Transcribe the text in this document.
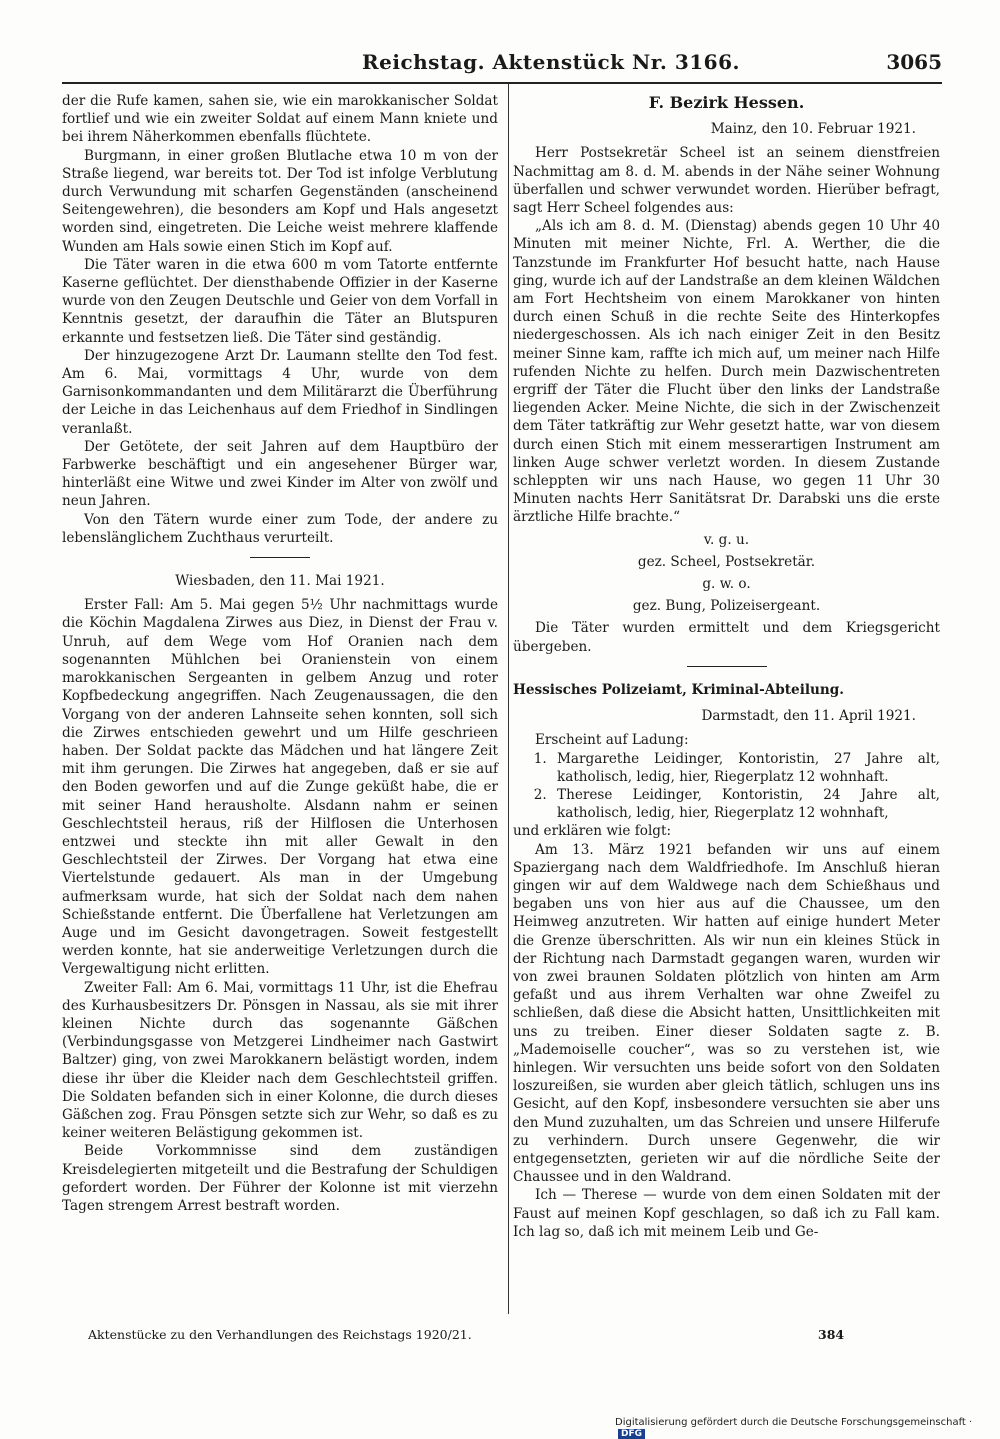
Reichstag. Aktenstück Nr. 3166.	3065

der die Rufe kamen, sahen sie, wie ein marokkanischer Soldat fortlief und wie ein zweiter Soldat auf einem Mann kniete und bei ihrem Näherkommen ebenfalls flüchtete.

Burgmann, in einer großen Blutlache etwa 10 m von der Straße liegend, war bereits tot. Der Tod ist infolge Verblutung durch Verwundung mit scharfen Gegenständen (anscheinend Seitengewehren), die besonders am Kopf und Hals angesetzt worden sind, eingetreten. Die Leiche weist mehrere klaffende Wunden am Hals sowie einen Stich im Kopf auf.

Die Täter waren in die etwa 600 m vom Tatorte entfernte Kaserne geflüchtet. Der diensthabende Offizier in der Kaserne wurde von den Zeugen Deutschle und Geier von dem Vorfall in Kenntnis gesetzt, der daraufhin die Täter an Blutspuren erkannte und festsetzen ließ. Die Täter sind geständig.

Der hinzugezogene Arzt Dr. Laumann stellte den Tod fest. Am 6. Mai, vormittags 4 Uhr, wurde von dem Garnisonkommandanten und dem Militärarzt die Überführung der Leiche in das Leichenhaus auf dem Friedhof in Sindlingen veranlaßt.

Der Getötete, der seit Jahren auf dem Hauptbüro der Farbwerke beschäftigt und ein angesehener Bürger war, hinterläßt eine Witwe und zwei Kinder im Alter von zwölf und neun Jahren.

Von den Tätern wurde einer zum Tode, der andere zu lebenslänglichem Zuchthaus verurteilt.

Wiesbaden, den 11. Mai 1921.

Erster Fall: Am 5. Mai gegen 5½ Uhr nachmittags wurde die Köchin Magdalena Zirwes aus Diez, in Dienst der Frau v. Unruh, auf dem Wege vom Hof Oranien nach dem sogenannten Mühlchen bei Oranienstein von einem marokkanischen Sergeanten in gelbem Anzug und roter Kopfbedeckung angegriffen. Nach Zeugenaussagen, die den Vorgang von der anderen Lahnseite sehen konnten, soll sich die Zirwes entschieden gewehrt und um Hilfe geschrieen haben. Der Soldat packte das Mädchen und hat längere Zeit mit ihm gerungen. Die Zirwes hat angegeben, daß er sie auf den Boden geworfen und auf die Zunge geküßt habe, die er mit seiner Hand herausholte. Alsdann nahm er seinen Geschlechtsteil heraus, riß der Hilflosen die Unterhosen entzwei und steckte ihn mit aller Gewalt in den Geschlechtsteil der Zirwes. Der Vorgang hat etwa eine Viertelstunde gedauert. Als man in der Umgebung aufmerksam wurde, hat sich der Soldat nach dem nahen Schießstande entfernt. Die Überfallene hat Verletzungen am Auge und im Gesicht davongetragen. Soweit festgestellt werden konnte, hat sie anderweitige Verletzungen durch die Vergewaltigung nicht erlitten.

Zweiter Fall: Am 6. Mai, vormittags 11 Uhr, ist die Ehefrau des Kurhausbesitzers Dr. Pönsgen in Nassau, als sie mit ihrer kleinen Nichte durch das sogenannte Gäßchen (Verbindungsgasse von Metzgerei Lindheimer nach Gastwirt Baltzer) ging, von zwei Marokkanern belästigt worden, indem diese ihr über die Kleider nach dem Geschlechtsteil griffen. Die Soldaten befanden sich in einer Kolonne, die durch dieses Gäßchen zog. Frau Pönsgen setzte sich zur Wehr, so daß es zu keiner weiteren Belästigung gekommen ist.

Beide Vorkommnisse sind dem zuständigen Kreisdelegierten mitgeteilt und die Bestrafung der Schuldigen gefordert worden. Der Führer der Kolonne ist mit vierzehn Tagen strengem Arrest bestraft worden.

F. Bezirk Hessen.
Mainz, den 10. Februar 1921.

Herr Postsekretär Scheel ist an seinem dienstfreien Nachmittag am 8. d. M. abends in der Nähe seiner Wohnung überfallen und schwer verwundet worden. Hierüber befragt, sagt Herr Scheel folgendes aus:

„Als ich am 8. d. M. (Dienstag) abends gegen 10 Uhr 40 Minuten mit meiner Nichte, Frl. A. Werther, die die Tanzstunde im Frankfurter Hof besucht hatte, nach Hause ging, wurde ich auf der Landstraße an dem kleinen Wäldchen am Fort Hechtsheim von einem Marokkaner von hinten durch einen Schuß in die rechte Seite des Hinterkopfes niedergeschossen. Als ich nach einiger Zeit in den Besitz meiner Sinne kam, raffte ich mich auf, um meiner nach Hilfe rufenden Nichte zu helfen. Durch mein Dazwischentreten ergriff der Täter die Flucht über den links der Landstraße liegenden Acker. Meine Nichte, die sich in der Zwischenzeit dem Täter tatkräftig zur Wehr gesetzt hatte, war von diesem durch einen Stich mit einem messerartigen Instrument am linken Auge schwer verletzt worden. In diesem Zustande schleppten wir uns nach Hause, wo gegen 11 Uhr 30 Minuten nachts Herr Sanitätsrat Dr. Darabski uns die erste ärztliche Hilfe brachte.“

v. g. u.
gez. Scheel, Postsekretär.
g. w. o.
gez. Bung, Polizeisergeant.

Die Täter wurden ermittelt und dem Kriegsgericht übergeben.

Hessisches Polizeiamt, Kriminal-Abteilung.
Darmstadt, den 11. April 1921.

Erscheint auf Ladung:

1. Margarethe Leidinger, Kontoristin, 27 Jahre alt, katholisch, ledig, hier, Riegerplatz 12 wohnhaft.
2. Therese Leidinger, Kontoristin, 24 Jahre alt, katholisch, ledig, hier, Riegerplatz 12 wohnhaft,

und erklären wie folgt:

Am 13. März 1921 befanden wir uns auf einem Spaziergang nach dem Waldfriedhofe. Im Anschluß hieran gingen wir auf dem Waldwege nach dem Schießhaus und begaben uns von hier aus auf die Chaussee, um den Heimweg anzutreten. Wir hatten auf einige hundert Meter die Grenze überschritten. Als wir nun ein kleines Stück in der Richtung nach Darmstadt gegangen waren, wurden wir von zwei braunen Soldaten plötzlich von hinten am Arm gefaßt und aus ihrem Verhalten war ohne Zweifel zu schließen, daß diese die Absicht hatten, Unsittlichkeiten mit uns zu treiben. Einer dieser Soldaten sagte z. B. „Mademoiselle coucher“, was so zu verstehen ist, wie hinlegen. Wir versuchten uns beide sofort von den Soldaten loszureißen, sie wurden aber gleich tätlich, schlugen uns ins Gesicht, auf den Kopf, insbesondere versuchten sie aber uns den Mund zuzuhalten, um das Schreien und unsere Hilferufe zu verhindern. Durch unsere Gegenwehr, die wir entgegensetzten, gerieten wir auf die nördliche Seite der Chaussee und in den Waldrand.

Ich — Therese — wurde von dem einen Soldaten mit der Faust auf meinen Kopf geschlagen, so daß ich zu Fall kam. Ich lag so, daß ich mit meinem Leib und Ge-

Aktenstücke zu den Verhandlungen des Reichstags 1920/21.	384
Digitalisierung gefördert durch die Deutsche Forschungsgemeinschaft ·DFG
